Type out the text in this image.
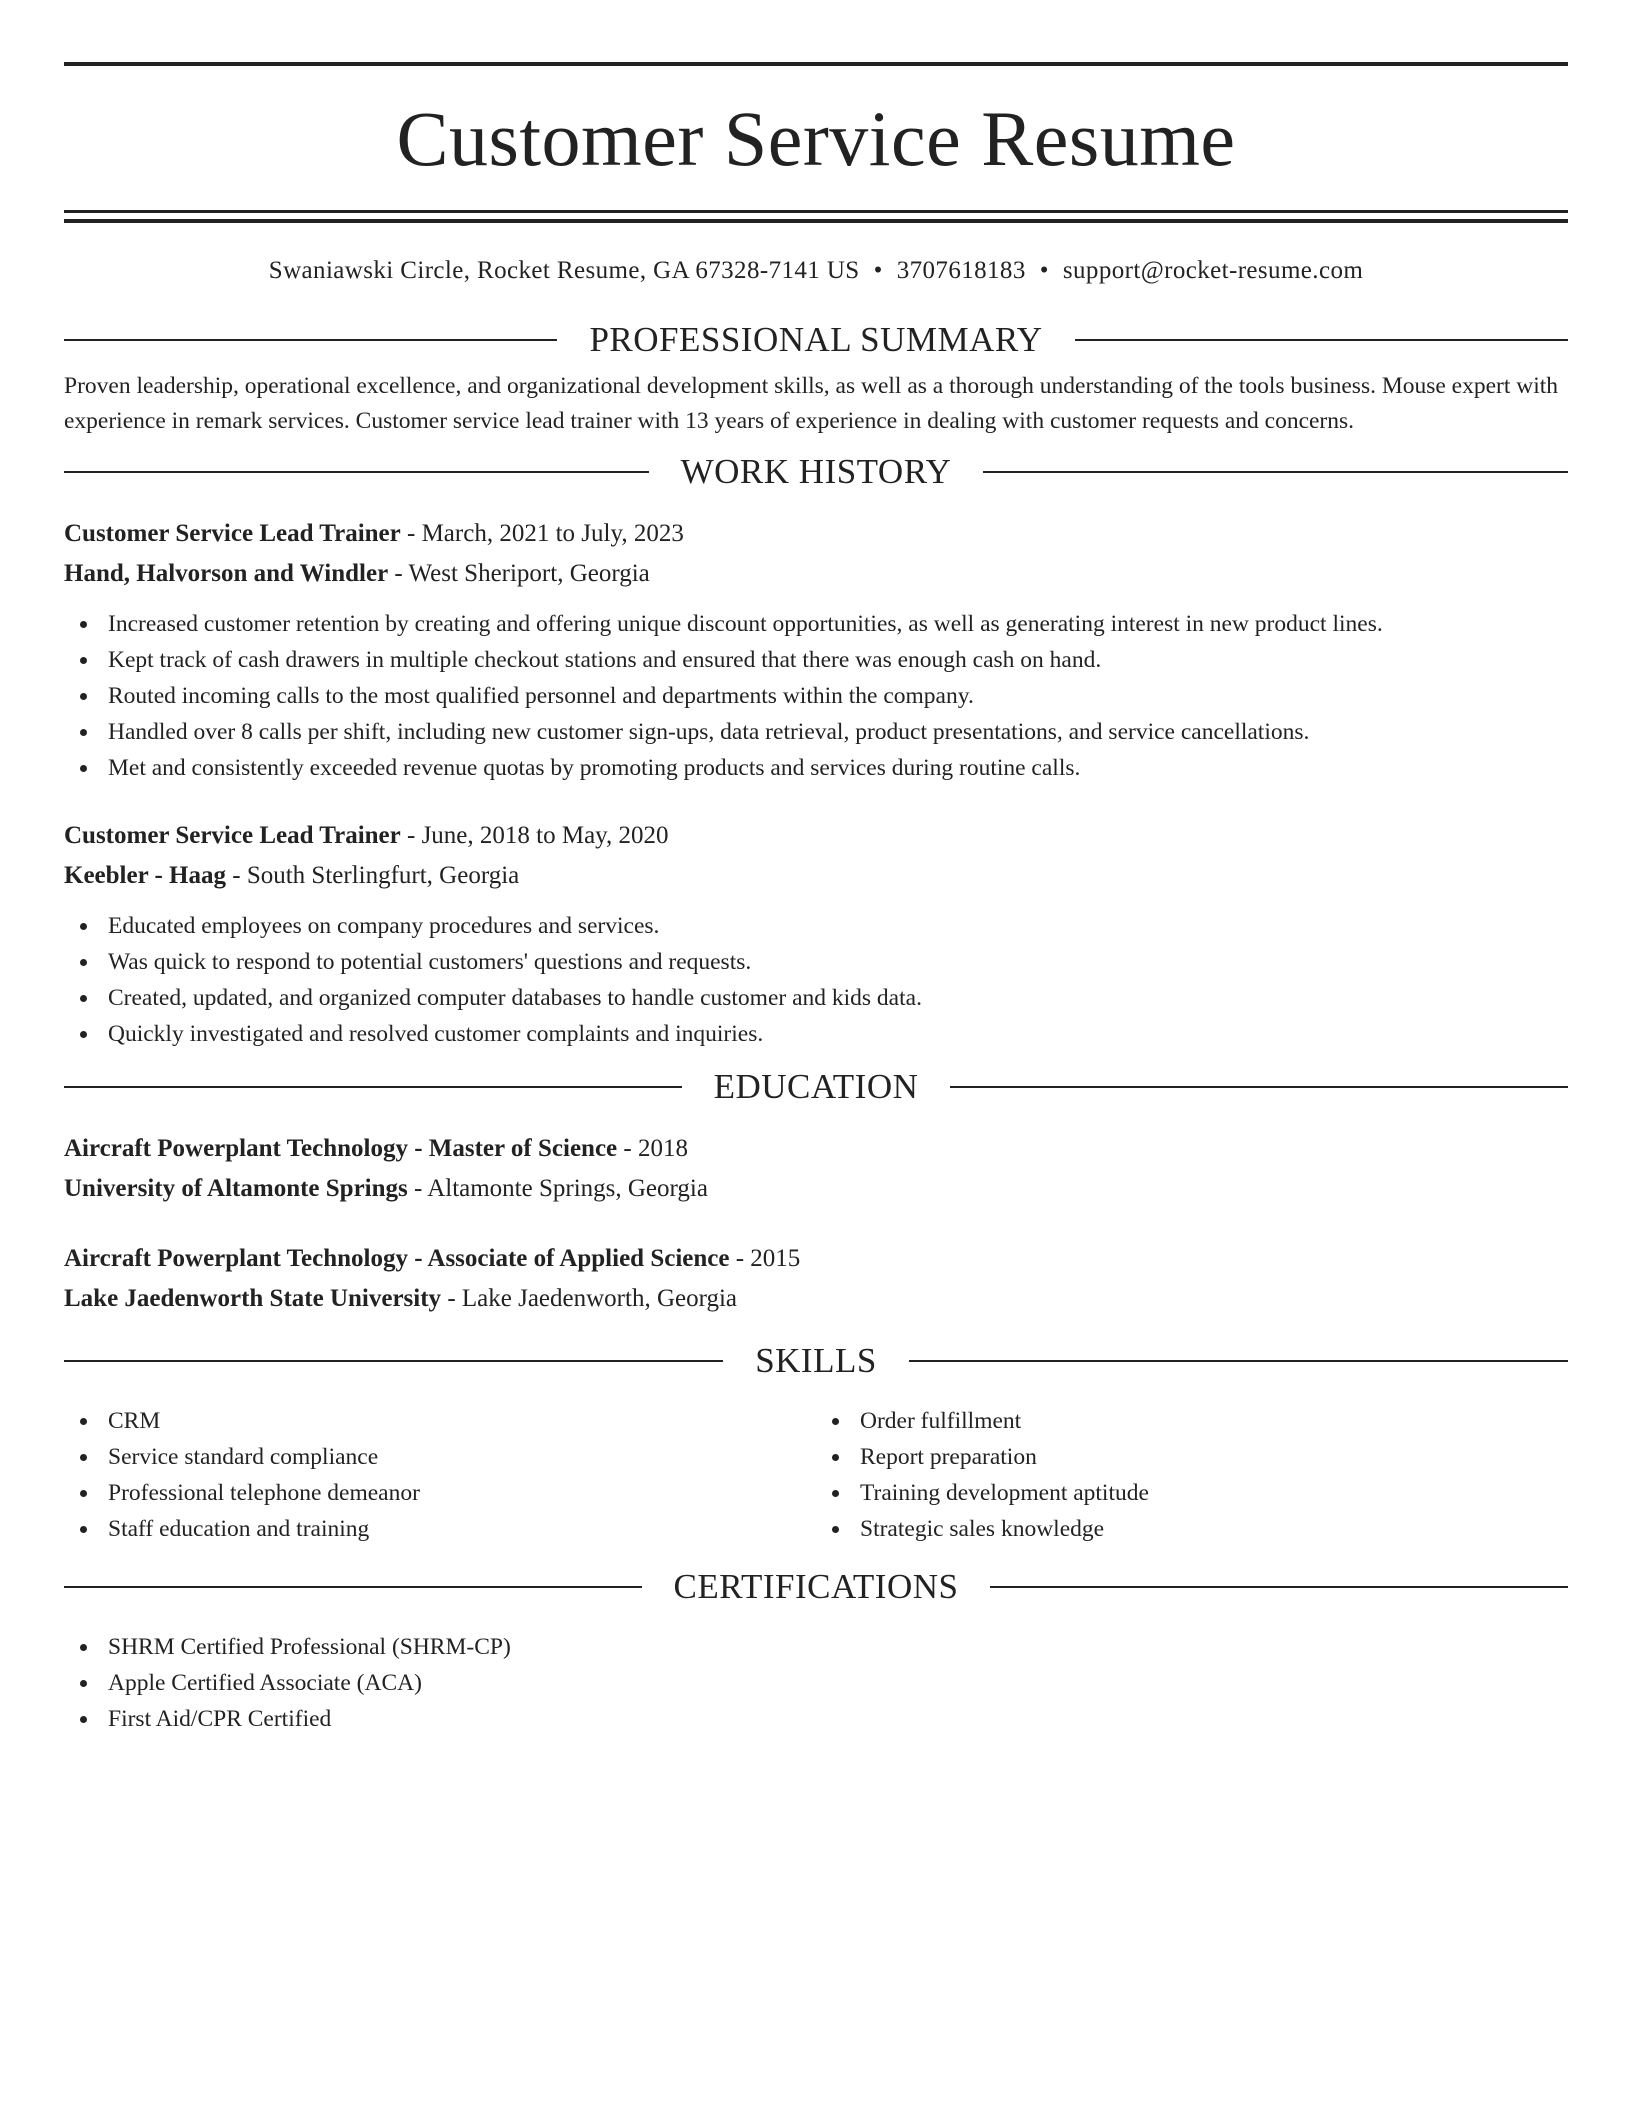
Customer Service Resume
Swaniawski Circle, Rocket Resume, GA 67328-7141 US • 3707618183 • support@rocket-resume.com
PROFESSIONAL SUMMARY
Proven leadership, operational excellence, and organizational development skills, as well as a thorough understanding of the tools business. Mouse expert with experience in remark services. Customer service lead trainer with 13 years of experience in dealing with customer requests and concerns.
WORK HISTORY
Customer Service Lead Trainer - March, 2021 to July, 2023
Hand, Halvorson and Windler - West Sheriport, Georgia
Increased customer retention by creating and offering unique discount opportunities, as well as generating interest in new product lines.
Kept track of cash drawers in multiple checkout stations and ensured that there was enough cash on hand.
Routed incoming calls to the most qualified personnel and departments within the company.
Handled over 8 calls per shift, including new customer sign-ups, data retrieval, product presentations, and service cancellations.
Met and consistently exceeded revenue quotas by promoting products and services during routine calls.
Customer Service Lead Trainer - June, 2018 to May, 2020
Keebler - Haag - South Sterlingfurt, Georgia
Educated employees on company procedures and services.
Was quick to respond to potential customers' questions and requests.
Created, updated, and organized computer databases to handle customer and kids data.
Quickly investigated and resolved customer complaints and inquiries.
EDUCATION
Aircraft Powerplant Technology - Master of Science - 2018
University of Altamonte Springs - Altamonte Springs, Georgia
Aircraft Powerplant Technology - Associate of Applied Science - 2015
Lake Jaedenworth State University - Lake Jaedenworth, Georgia
SKILLS
CRM
Service standard compliance
Professional telephone demeanor
Staff education and training
Order fulfillment
Report preparation
Training development aptitude
Strategic sales knowledge
CERTIFICATIONS
SHRM Certified Professional (SHRM-CP)
Apple Certified Associate (ACA)
First Aid/CPR Certified
